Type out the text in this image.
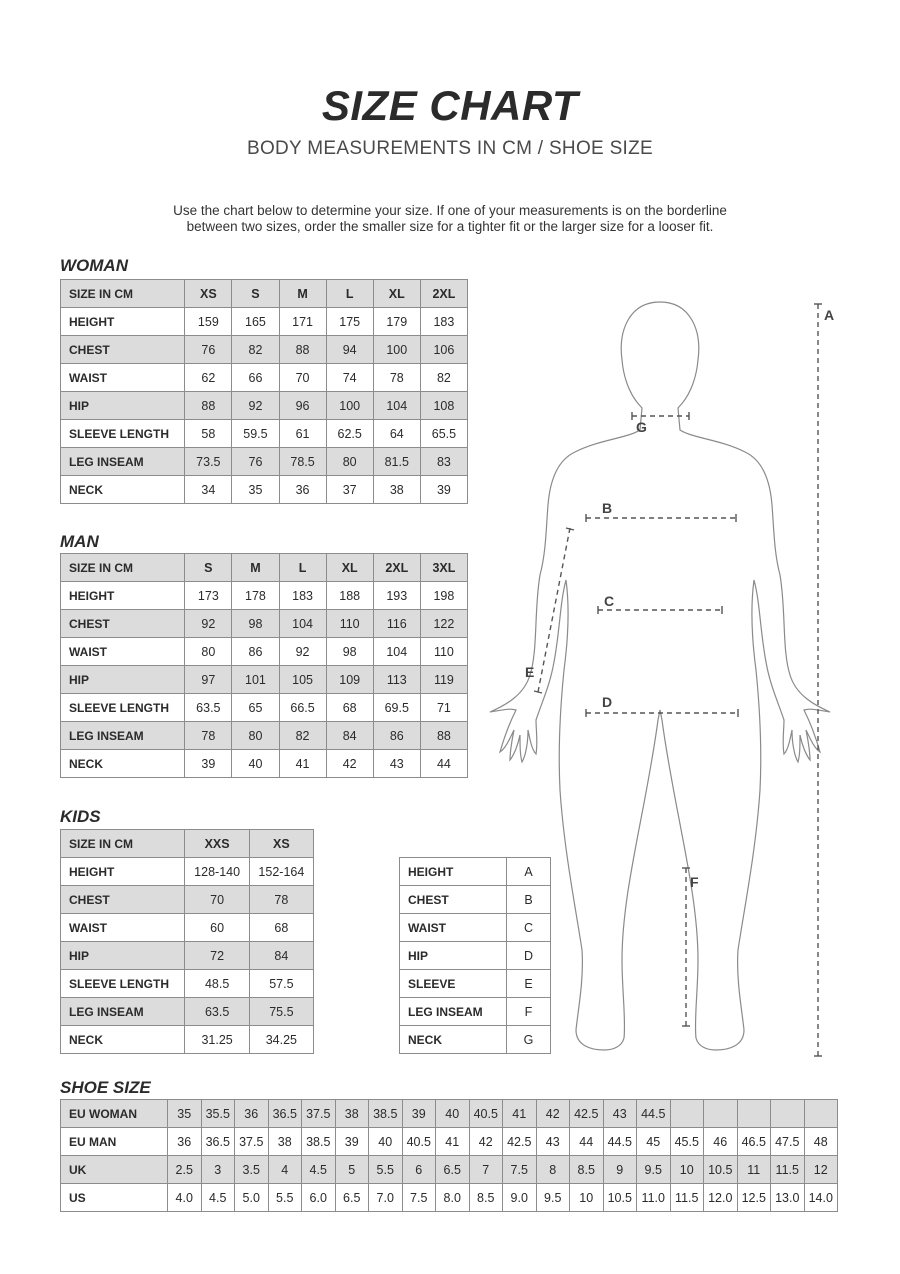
SIZE CHART
BODY MEASUREMENTS IN CM / SHOE SIZE
Use the chart below to determine your size. If one of your measurements is on the borderline
between two sizes, order the smaller size for a tighter fit or the larger size for a looser fit.
WOMAN
SIZE IN CM	XS	S	M	L	XL	2XL
HEIGHT	159	165	171	175	179	183
CHEST	76	82	88	94	100	106
WAIST	62	66	70	74	78	82
HIP	88	92	96	100	104	108
SLEEVE LENGTH	58	59.5	61	62.5	64	65.5
LEG INSEAM	73.5	76	78.5	80	81.5	83
NECK	34	35	36	37	38	39
MAN
SIZE IN CM	S	M	L	XL	2XL	3XL
HEIGHT	173	178	183	188	193	198
CHEST	92	98	104	110	116	122
WAIST	80	86	92	98	104	110
HIP	97	101	105	109	113	119
SLEEVE LENGTH	63.5	65	66.5	68	69.5	71
LEG INSEAM	78	80	82	84	86	88
NECK	39	40	41	42	43	44
KIDS
SIZE IN CM	XXS	XS
HEIGHT	128-140	152-164
CHEST	70	78
WAIST	60	68
HIP	72	84
SLEEVE LENGTH	48.5	57.5
LEG INSEAM	63.5	75.5
NECK	31.25	34.25
HEIGHT	A
CHEST	B
WAIST	C
HIP	D
SLEEVE	E
LEG INSEAM	F
NECK	G
SHOE SIZE
EU WOMAN	35	35.5	36	36.5	37.5	38	38.5	39	40	40.5	41	42	42.5	43	44.5					
EU MAN	36	36.5	37.5	38	38.5	39	40	40.5	41	42	42.5	43	44	44.5	45	45.5	46	46.5	47.5	48
UK	2.5	3	3.5	4	4.5	5	5.5	6	6.5	7	7.5	8	8.5	9	9.5	10	10.5	11	11.5	12
US	4.0	4.5	5.0	5.5	6.0	6.5	7.0	7.5	8.0	8.5	9.0	9.5	10	10.5	11.0	11.5	12.0	12.5	13.0	14.0
A
G
B
C
D
E
F
